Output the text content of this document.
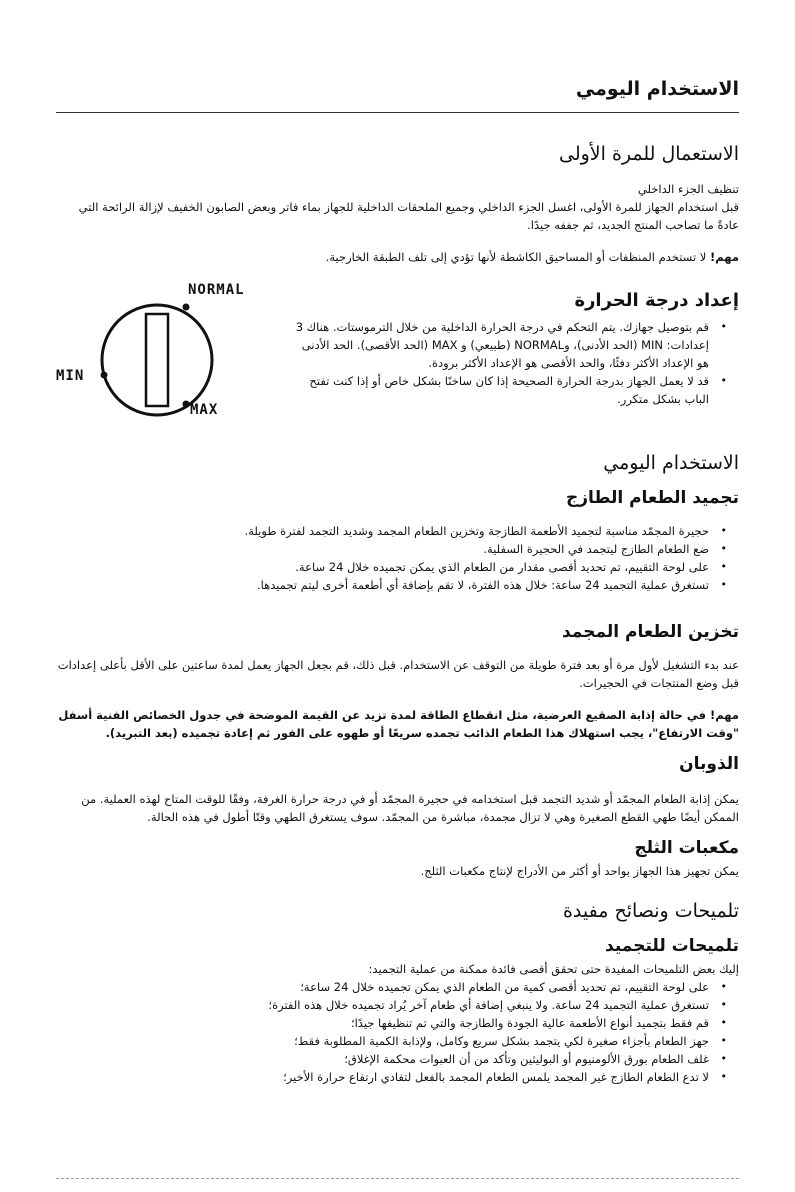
الاستخدام اليومي
الاستعمال للمرة الأولى
تنظيف الجزء الداخلي
قبل استخدام الجهاز للمرة الأولى، اغسل الجزء الداخلي وجميع الملحقات الداخلية للجهاز بماء فاتر وبعض الصابون الخفيف لإزالة الرائحة التي عادةً ما تصاحب المنتج الجديد، ثم جففه جيدًا.
مهم! لا تستخدم المنظفات أو المساحيق الكاشطة لأنها تؤدي إلى تلف الطبقة الخارجية.
NORMAL
MIN
MAX
إعداد درجة الحرارة
• قم بتوصيل جهازك. يتم التحكم في درجة الحرارة الداخلية من خلال الترموستات. هناك 3 إعدادات: MIN (الحد الأدنى)، وNORMAL (طبيعي) و MAX (الحد الأقصى). الحد الأدنى هو الإعداد الأكثر دفئًا، والحد الأقصى هو الإعداد الأكثر برودة.
• قد لا يعمل الجهاز بدرجة الحرارة الصحيحة إذا كان ساخنًا بشكل خاص أو إذا كنت تفتح الباب بشكل متكرر.
الاستخدام اليومي
تجميد الطعام الطازج
• حجيرة المجمّد مناسبة لتجميد الأطعمة الطازجة وتخزين الطعام المجمد وشديد التجمد لفترة طويلة.
• ضع الطعام الطازج ليتجمد في الحجيرة السفلية.
• على لوحة التقييم، تم تحديد أقصى مقدار من الطعام الذي يمكن تجميده خلال 24 ساعة.
• تستغرق عملية التجميد 24 ساعة: خلال هذه الفترة، لا تقم بإضافة أي أطعمة أخرى ليتم تجميدها.
تخزين الطعام المجمد
عند بدء التشغيل لأول مرة أو بعد فترة طويلة من التوقف عن الاستخدام. قبل ذلك، قم بجعل الجهاز يعمل لمدة ساعتين على الأقل بأعلى إعدادات قبل وضع المنتجات في الحجيرات.
مهم! في حالة إذابة الصقيع العرضية، مثل انقطاع الطاقة لمدة تزيد عن القيمة الموضحة في جدول الخصائص الفنية أسفل "وقت الارتفاع"، يجب استهلاك هذا الطعام الذائب تجمده سريعًا أو طهوه على الفور ثم إعادة تجميده (بعد التبريد).
الذوبان
يمكن إذابة الطعام المجمّد أو شديد التجمد قبل استخدامه في حجيرة المجمّد أو في درجة حرارة الغرفة، وفقًا للوقت المتاح لهذه العملية. من الممكن أيضًا طهي القطع الصغيرة وهي لا تزال مجمدة، مباشرة من المجمّد. سوف يستغرق الطهي وقتًا أطول في هذه الحالة.
مكعبات الثلج
يمكن تجهيز هذا الجهاز بواحد أو أكثر من الأدراج لإنتاج مكعبات الثلج.
تلميحات ونصائح مفيدة
تلميحات للتجميد
إليك بعض التلميحات المفيدة حتى تحقق أقصى فائدة ممكنة من عملية التجميد:
• على لوحة التقييم، تم تحديد أقصى كمية من الطعام الذي يمكن تجميده خلال 24 ساعة؛
• تستغرق عملية التجميد 24 ساعة. ولا ينبغي إضافة أي طعام آخر يُراد تجميده خلال هذه الفترة؛
• قم فقط بتجميد أنواع الأطعمة عالية الجودة والطازجة والتي تم تنظيفها جيدًا؛
• جهز الطعام بأجزاء صغيرة لكي يتجمد بشكل سريع وكامل، ولإذابة الكمية المطلوبة فقط؛
• غلف الطعام بورق الألومنيوم أو البوليثين وتأكد من أن العبوات محكمة الإغلاق؛
• لا تدع الطعام الطازج غير المجمد يلمس الطعام المجمد بالفعل لتفادي ارتفاع حرارة الأخير؛
